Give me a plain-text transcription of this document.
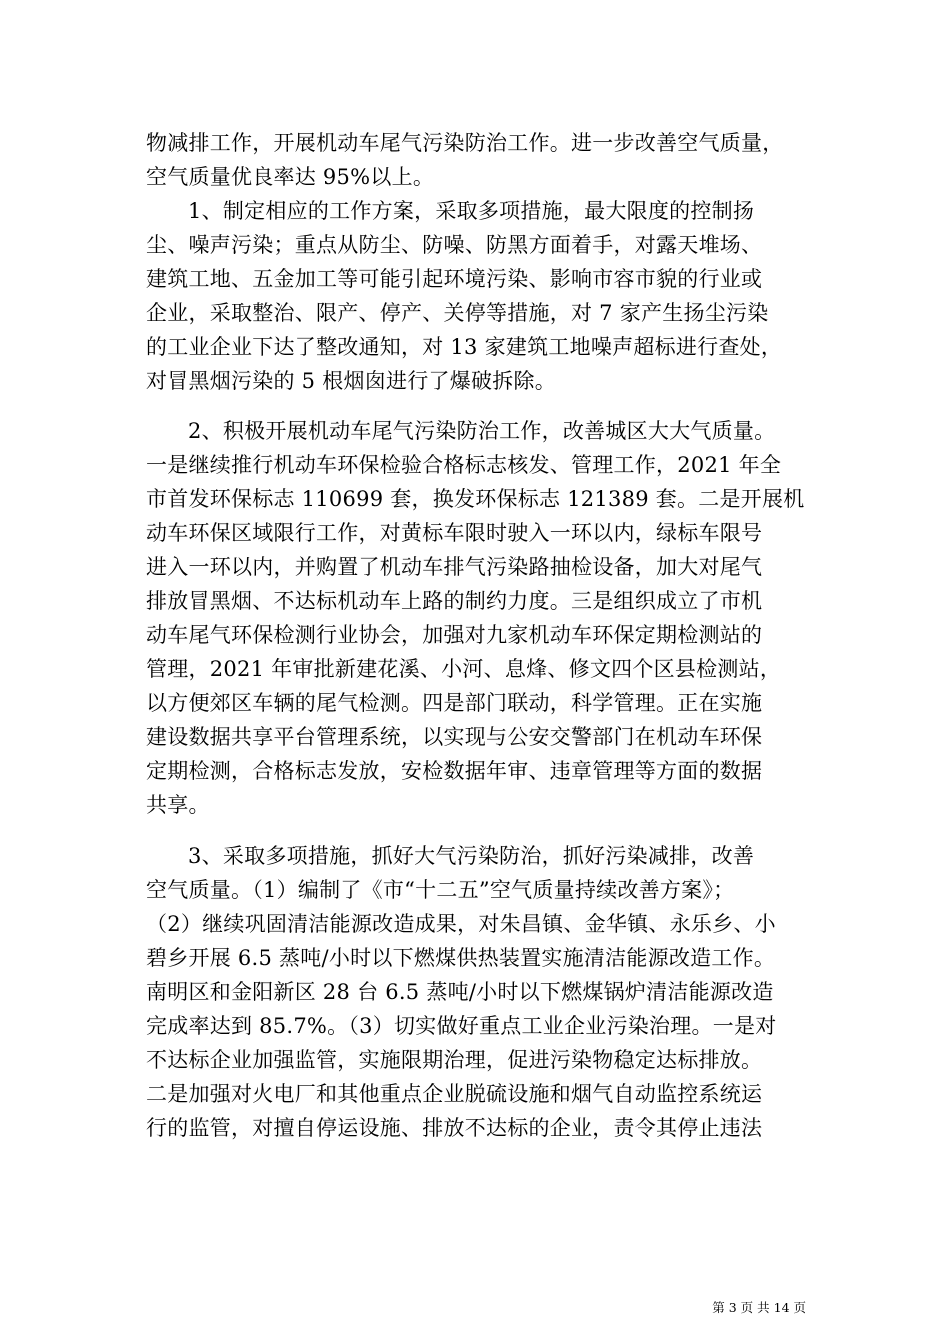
物减排工作，开展机动车尾气污染防治工作。进一步改善空气质量，
空气质量优良率达 95%以上。
1、制定相应的工作方案，采取多项措施，最大限度的控制扬
尘、噪声污染；重点从防尘、防噪、防黑方面着手，对露天堆场、
建筑工地、五金加工等可能引起环境污染、影响市容市貌的行业或
企业，采取整治、限产、停产、关停等措施，对 7 家产生扬尘污染
的工业企业下达了整改通知，对 13 家建筑工地噪声超标进行查处，
对冒黑烟污染的 5 根烟囱进行了爆破拆除。
2、积极开展机动车尾气污染防治工作，改善城区大大气质量。
一是继续推行机动车环保检验合格标志核发、管理工作，2021 年全
市首发环保标志 110699 套，换发环保标志 121389 套。二是开展机
动车环保区域限行工作，对黄标车限时驶入一环以内，绿标车限号
进入一环以内，并购置了机动车排气污染路抽检设备，加大对尾气
排放冒黑烟、不达标机动车上路的制约力度。三是组织成立了市机
动车尾气环保检测行业协会，加强对九家机动车环保定期检测站的
管理，2021 年审批新建花溪、小河、息烽、修文四个区县检测站，
以方便郊区车辆的尾气检测。四是部门联动，科学管理。正在实施
建设数据共享平台管理系统，以实现与公安交警部门在机动车环保
定期检测，合格标志发放，安检数据年审、违章管理等方面的数据
共享。
3、采取多项措施，抓好大气污染防治，抓好污染减排，改善
空气质量。（1）编制了《市“十二五”空气质量持续改善方案》；
（2）继续巩固清洁能源改造成果，对朱昌镇、金华镇、永乐乡、小
碧乡开展 6.5 蒸吨/小时以下燃煤供热装置实施清洁能源改造工作。
南明区和金阳新区 28 台 6.5 蒸吨/小时以下燃煤锅炉清洁能源改造
完成率达到 85.7%。（3）切实做好重点工业企业污染治理。一是对
不达标企业加强监管，实施限期治理，促进污染物稳定达标排放。
二是加强对火电厂和其他重点企业脱硫设施和烟气自动监控系统运
行的监管，对擅自停运设施、排放不达标的企业，责令其停止违法
第 3 页 共 14 页
